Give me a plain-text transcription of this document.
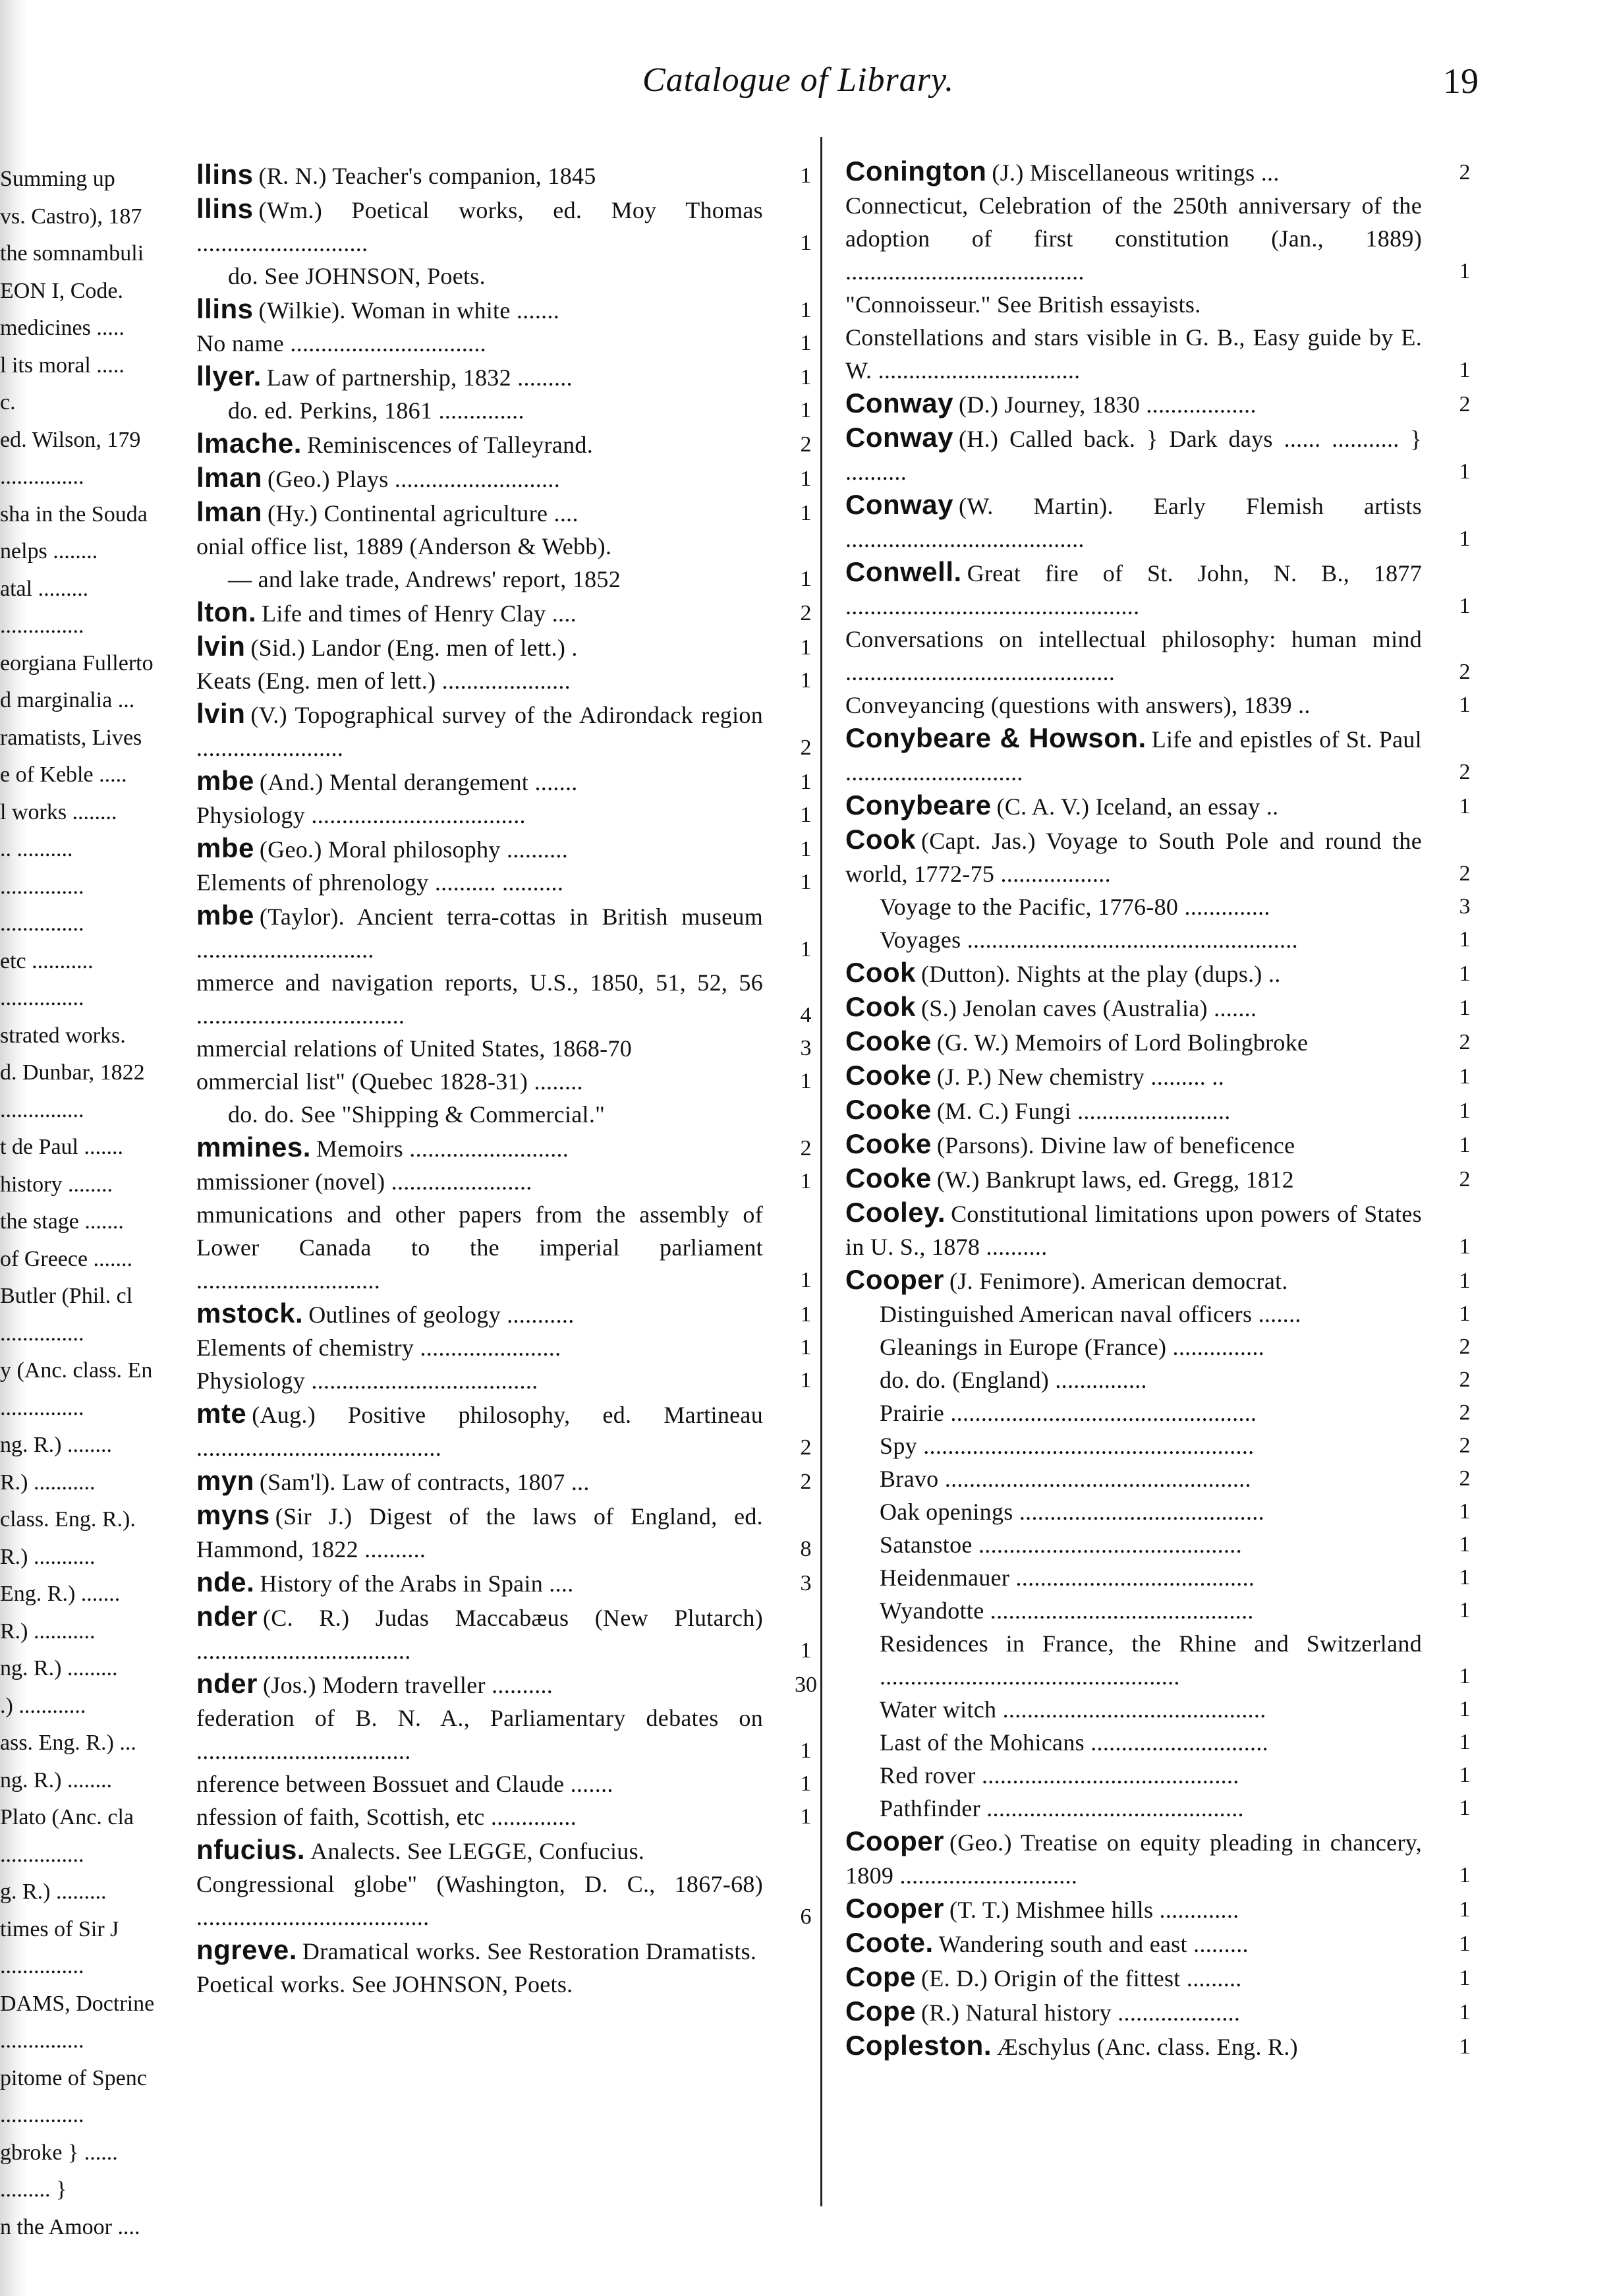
Catalogue of Library.	19
Summing up
vs. Castro), 187
the somnambuli
EON I, Code.
medicines .....
l its moral .....
c.
ed. Wilson, 179
...............
sha in the Souda
nelps ........
atal .........
...............
eorgiana Fullerto
d marginalia ...
ramatists, Lives
e of Keble .....
l works ........
.. ..........
...............
...............
etc ...........
...............
strated works.
d. Dunbar, 1822
...............
t de Paul .......
history ........
the stage .......
of Greece .......
Butler (Phil. cl
...............
y (Anc. class. En
...............
ng. R.) ........
R.) ...........
class. Eng. R.).
R.) ...........
Eng. R.) .......
R.) ...........
ng. R.) .........
.) ............
ass. Eng. R.) ...
ng. R.) ........
Plato (Anc. cla
...............
g. R.) .........
times of Sir J
...............
DAMS, Doctrine
...............
pitome of Spenc
...............
gbroke } ......
......... }
n the Amoor ....
llins (R. N.) Teacher's companion, 1845	1
llins (Wm.) Poetical works, ed. Moy Thomas ............................	1
do. See JOHNSON, Poets.
llins (Wilkie). Woman in white .......	1
No name ................................	1
llyer. Law of partnership, 1832 .........	1
do. ed. Perkins, 1861 ..............	1
lmache. Reminiscences of Talleyrand.	2
lman (Geo.) Plays ...........................	1
lman (Hy.) Continental agriculture ....	1
onial office list, 1889 (Anderson & Webb).
— and lake trade, Andrews' report, 1852	1
lton. Life and times of Henry Clay ....	2
lvin (Sid.) Landor (Eng. men of lett.) .	1
Keats (Eng. men of lett.) .....................	1
lvin (V.) Topographical survey of the Adirondack region ........................	2
mbe (And.) Mental derangement .......	1
Physiology ...................................	1
mbe (Geo.) Moral philosophy ..........	1
Elements of phrenology .......... ..........	1
mbe (Taylor). Ancient terra-cottas in British museum .............................	1
mmerce and navigation reports, U.S., 1850, 51, 52, 56 ..................................	4
mmercial relations of United States, 1868-70	3
ommercial list" (Quebec 1828-31) ........	1
do. do. See "Shipping & Commercial."
mmines. Memoirs ..........................	2
mmissioner (novel) .......................	1
mmunications and other papers from the assembly of Lower Canada to the imperial parliament ..............................	1
mstock. Outlines of geology ...........	1
Elements of chemistry .......................	1
Physiology .....................................	1
mte (Aug.) Positive philosophy, ed. Martineau ........................................	2
myn (Sam'l). Law of contracts, 1807 ...	2
myns (Sir J.) Digest of the laws of England, ed. Hammond, 1822 ..........	8
nde. History of the Arabs in Spain ....	3
nder (C. R.) Judas Maccabæus (New Plutarch) ...................................	1
nder (Jos.) Modern traveller ..........	30
federation of B. N. A., Parliamentary debates on ...................................	1
nference between Bossuet and Claude .......	1
nfession of faith, Scottish, etc ..............	1
nfucius. Analects. See LEGGE, Confucius.
Congressional globe" (Washington, D. C., 1867-68) ......................................	6
ngreve. Dramatical works. See Restoration Dramatists.
Poetical works. See JOHNSON, Poets.
Conington (J.) Miscellaneous writings ...	2
Connecticut, Celebration of the 250th anniversary of the adoption of first constitution (Jan., 1889) .......................................	1
"Connoisseur." See British essayists.
Constellations and stars visible in G. B., Easy guide by E. W. .................................	1
Conway (D.) Journey, 1830 ..................	2
Conway (H.) Called back. } Dark days ...... ........... } ..........	1
Conway (W. Martin). Early Flemish artists .......................................	1
Conwell. Great fire of St. John, N. B., 1877 ................................................	1
Conversations on intellectual philosophy: human mind ............................................	2
Conveyancing (questions with answers), 1839 ..	1
Conybeare & Howson. Life and epistles of St. Paul .............................	2
Conybeare (C. A. V.) Iceland, an essay ..	1
Cook (Capt. Jas.) Voyage to South Pole and round the world, 1772-75 ..................	2
Voyage to the Pacific, 1776-80 ..............	3
Voyages ......................................................	1
Cook (Dutton). Nights at the play (dups.) ..	1
Cook (S.) Jenolan caves (Australia) .......	1
Cooke (G. W.) Memoirs of Lord Bolingbroke	2
Cooke (J. P.) New chemistry ......... ..	1
Cooke (M. C.) Fungi .........................	1
Cooke (Parsons). Divine law of beneficence	1
Cooke (W.) Bankrupt laws, ed. Gregg, 1812	2
Cooley. Constitutional limitations upon powers of States in U. S., 1878 ..........	1
Cooper (J. Fenimore). American democrat.	1
Distinguished American naval officers .......	1
Gleanings in Europe (France) ...............	2
do. do. (England) ...............	2
Prairie ..................................................	2
Spy ......................................................	2
Bravo ..................................................	2
Oak openings ........................................	1
Satanstoe ...........................................	1
Heidenmauer .......................................	1
Wyandotte ...........................................	1
Residences in France, the Rhine and Switzerland .................................................	1
Water witch ...........................................	1
Last of the Mohicans .............................	1
Red rover ..........................................	1
Pathfinder ..........................................	1
Cooper (Geo.) Treatise on equity pleading in chancery, 1809 .............................	1
Cooper (T. T.) Mishmee hills .............	1
Coote. Wandering south and east .........	1
Cope (E. D.) Origin of the fittest .........	1
Cope (R.) Natural history ....................	1
Copleston. Æschylus (Anc. class. Eng. R.)	1
